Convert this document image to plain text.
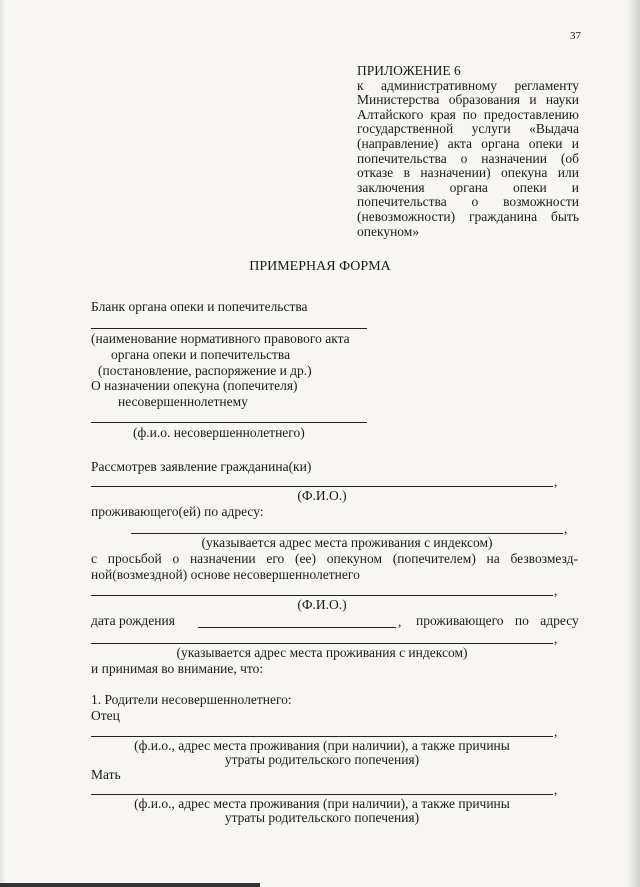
37
ПРИЛОЖЕНИЕ 6
к административному регламенту Министерства образования и науки Алтайского края по предоставлению государственной услуги «Выдача (направление) акта органа опеки и попечительства о назначении (об отказе в назначении) опекуна или заключения органа опеки и попечительства о возможности (невозможности) гражданина быть опекуном»
ПРИМЕРНАЯ ФОРМА
Бланк органа опеки и попечительства
(наименование нормативного правового акта
органа опеки и попечительства
(постановление, распоряжение и др.)
О назначении опекуна (попечителя)
несовершеннолетнему
(ф.и.о. несовершеннолетнего)
Рассмотрев заявление гражданина(ки)
,
(Ф.И.О.)
проживающего(ей) по адресу:
,
(указывается адрес места проживания с индексом)
с просьбой о назначении его (ее) опекуном (попечителем) на безвозмезд-
ной(возмездной) основе несовершеннолетнего
,
(Ф.И.О.)
дата рождения	, проживающего по адресу
,
(указывается адрес места проживания с индексом)
и принимая во внимание, что:
1. Родители несовершеннолетнего:
Отец
,
(ф.и.о., адрес места проживания (при наличии), а также причины
утраты родительского попечения)
Мать
,
(ф.и.о., адрес места проживания (при наличии), а также причины
утраты родительского попечения)
